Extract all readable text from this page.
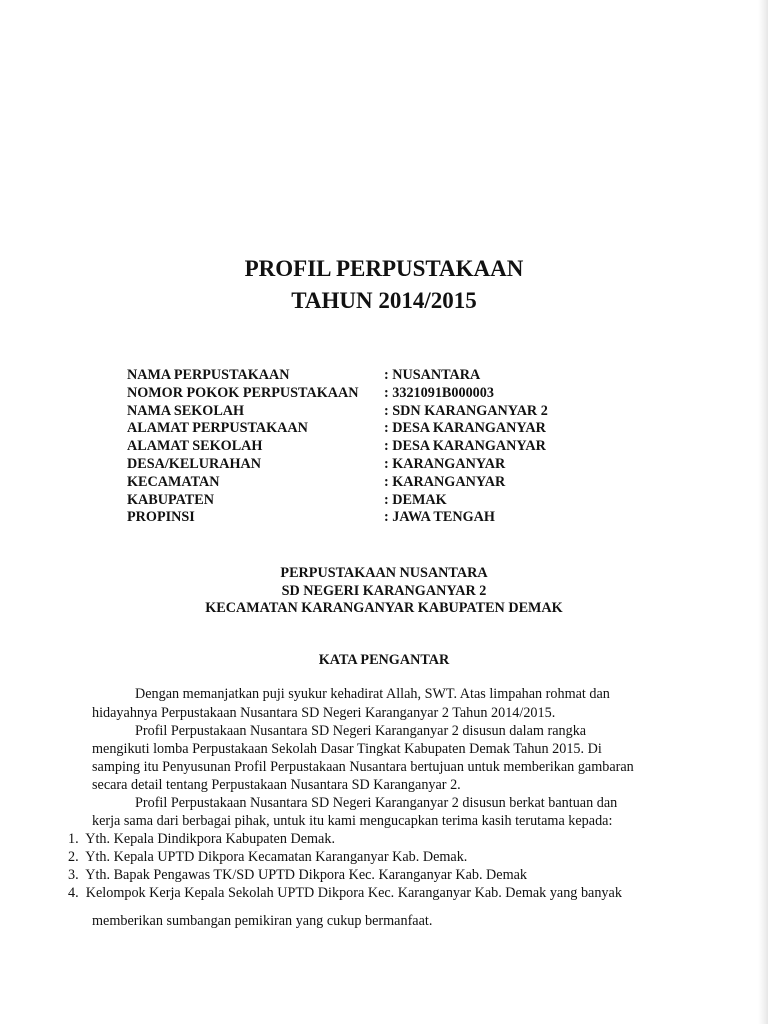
PROFIL PERPUSTAKAAN
TAHUN 2014/2015
NAMA PERPUSTAKAAN	: NUSANTARA
NOMOR POKOK PERPUSTAKAAN	: 3321091B000003
NAMA SEKOLAH	: SDN KARANGANYAR 2
ALAMAT PERPUSTAKAAN	: DESA KARANGANYAR
ALAMAT SEKOLAH	: DESA KARANGANYAR
DESA/KELURAHAN	: KARANGANYAR
KECAMATAN	: KARANGANYAR
KABUPATEN	: DEMAK
PROPINSI	: JAWA TENGAH
PERPUSTAKAAN NUSANTARA
SD NEGERI KARANGANYAR 2
KECAMATAN KARANGANYAR KABUPATEN DEMAK
KATA PENGANTAR
Dengan memanjatkan puji syukur kehadirat Allah, SWT. Atas limpahan rohmat dan
hidayahnya Perpustakaan Nusantara SD Negeri Karanganyar 2 Tahun 2014/2015.
Profil Perpustakaan Nusantara SD Negeri Karanganyar 2 disusun dalam rangka
mengikuti lomba Perpustakaan Sekolah Dasar Tingkat Kabupaten Demak Tahun 2015. Di
samping itu Penyusunan Profil Perpustakaan Nusantara bertujuan untuk memberikan gambaran
secara detail tentang Perpustakaan Nusantara SD Karanganyar 2.
Profil Perpustakaan Nusantara SD Negeri Karanganyar 2 disusun berkat bantuan dan
kerja sama dari berbagai pihak, untuk itu kami mengucapkan terima kasih terutama kepada:
1. Yth. Kepala Dindikpora Kabupaten Demak.
2. Yth. Kepala UPTD Dikpora Kecamatan Karanganyar Kab. Demak.
3. Yth. Bapak Pengawas TK/SD UPTD Dikpora Kec. Karanganyar Kab. Demak
4. Kelompok Kerja Kepala Sekolah UPTD Dikpora Kec. Karanganyar Kab. Demak yang banyak
memberikan sumbangan pemikiran yang cukup bermanfaat.
